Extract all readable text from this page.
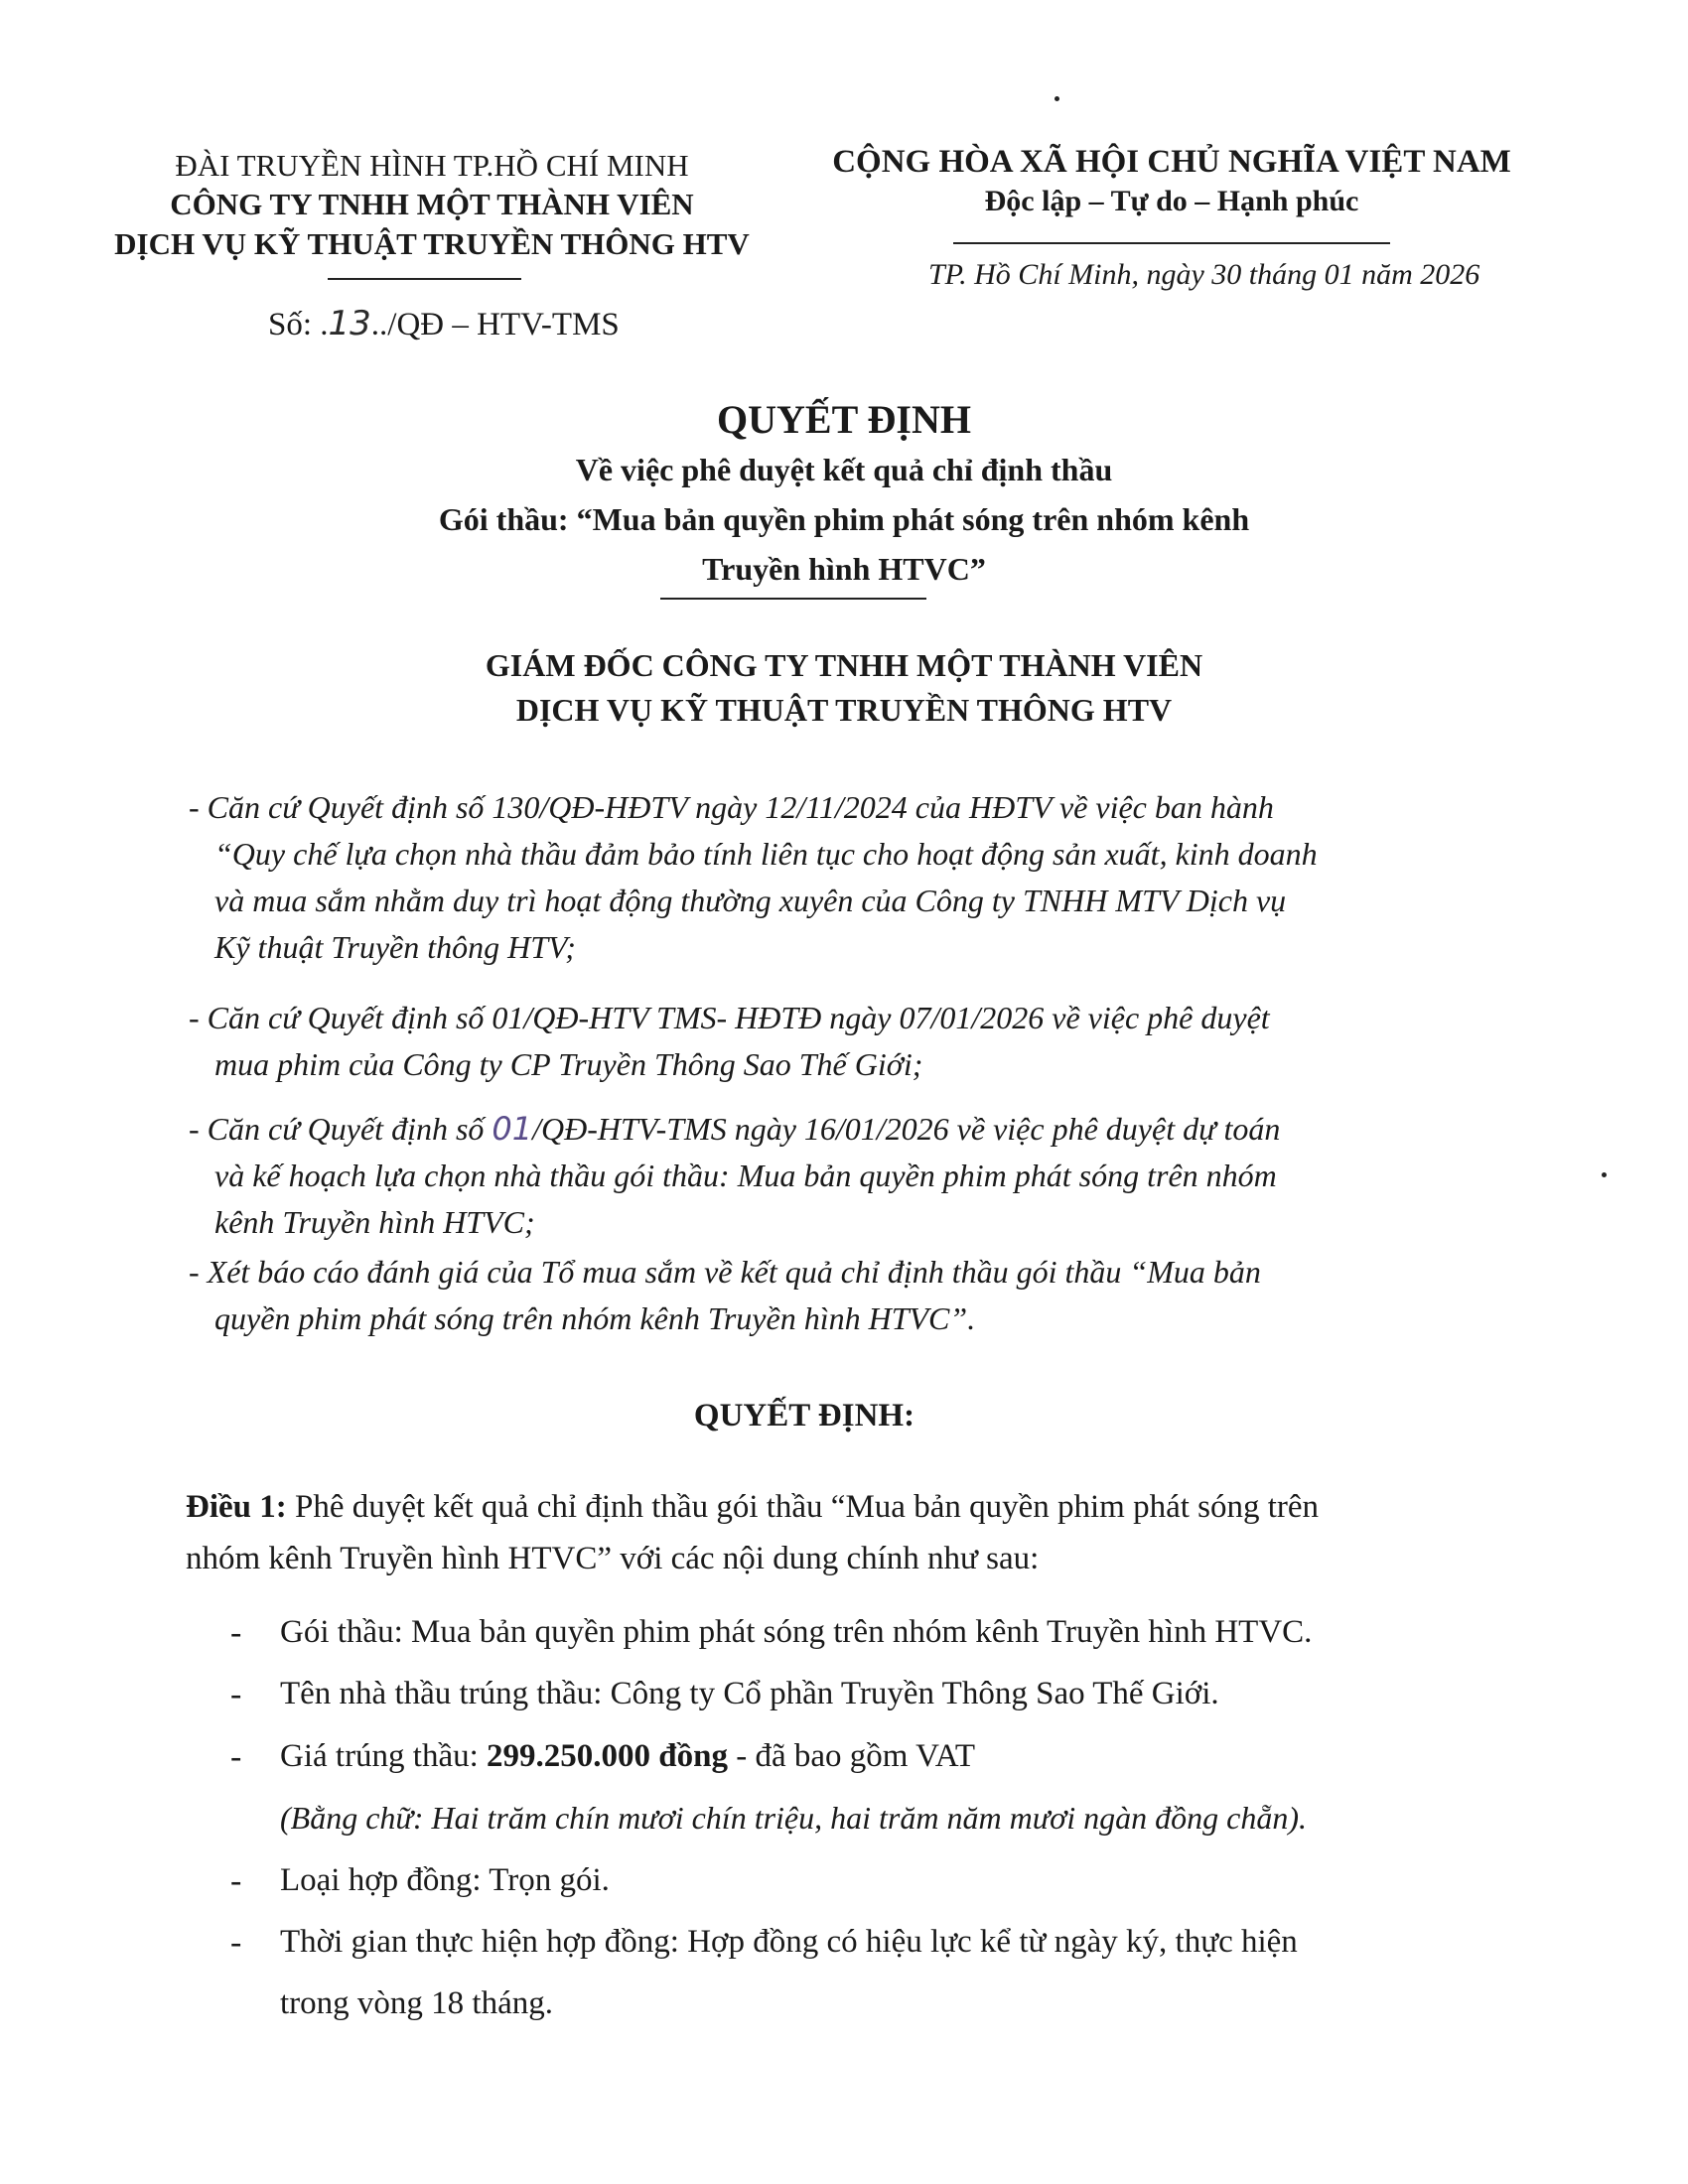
ĐÀI TRUYỀN HÌNH TP.HỒ CHÍ MINH
CÔNG TY TNHH MỘT THÀNH VIÊN
DỊCH VỤ KỸ THUẬT TRUYỀN THÔNG HTV
Số: .13../QĐ – HTV-TMS
CỘNG HÒA XÃ HỘI CHỦ NGHĨA VIỆT NAM
Độc lập – Tự do – Hạnh phúc
TP. Hồ Chí Minh, ngày 30 tháng 01 năm 2026
QUYẾT ĐỊNH
Về việc phê duyệt kết quả chỉ định thầu
Gói thầu: “Mua bản quyền phim phát sóng trên nhóm kênh
Truyền hình HTVC”
GIÁM ĐỐC CÔNG TY TNHH MỘT THÀNH VIÊN
DỊCH VỤ KỸ THUẬT TRUYỀN THÔNG HTV
- Căn cứ Quyết định số 130/QĐ-HĐTV ngày 12/11/2024 của HĐTV về việc ban hành
“Quy chế lựa chọn nhà thầu đảm bảo tính liên tục cho hoạt động sản xuất, kinh doanh
và mua sắm nhằm duy trì hoạt động thường xuyên của Công ty TNHH MTV Dịch vụ
Kỹ thuật Truyền thông HTV;
- Căn cứ Quyết định số 01/QĐ-HTV TMS- HĐTĐ ngày 07/01/2026 về việc phê duyệt
mua phim của Công ty CP Truyền Thông Sao Thế Giới;
- Căn cứ Quyết định số 01/QĐ-HTV-TMS ngày 16/01/2026 về việc phê duyệt dự toán
và kế hoạch lựa chọn nhà thầu gói thầu: Mua bản quyền phim phát sóng trên nhóm
kênh Truyền hình HTVC;
- Xét báo cáo đánh giá của Tổ mua sắm về kết quả chỉ định thầu gói thầu “Mua bản
quyền phim phát sóng trên nhóm kênh Truyền hình HTVC”.
QUYẾT ĐỊNH:
Điều 1: Phê duyệt kết quả chỉ định thầu gói thầu “Mua bản quyền phim phát sóng trên
nhóm kênh Truyền hình HTVC” với các nội dung chính như sau:
- Gói thầu: Mua bản quyền phim phát sóng trên nhóm kênh Truyền hình HTVC.
- Tên nhà thầu trúng thầu: Công ty Cổ phần Truyền Thông Sao Thế Giới.
- Giá trúng thầu: 299.250.000 đồng - đã bao gồm VAT
(Bằng chữ: Hai trăm chín mươi chín triệu, hai trăm năm mươi ngàn đồng chẵn).
- Loại hợp đồng: Trọn gói.
- Thời gian thực hiện hợp đồng: Hợp đồng có hiệu lực kể từ ngày ký, thực hiện
trong vòng 18 tháng.
